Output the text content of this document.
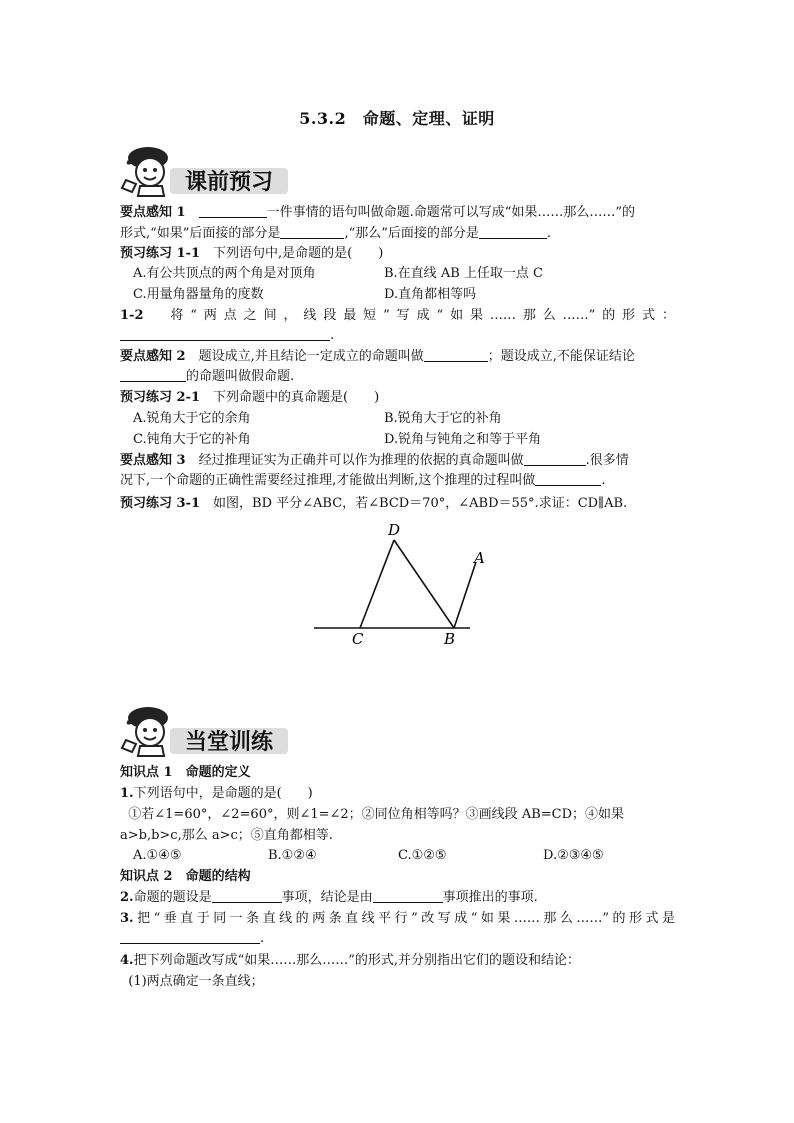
5.3.2　命题、定理、证明
课前预习
要点感知 1　	一件事情的语句叫做命题.命题常可以写成“如果……那么……”的
形式,“如果”后面接的部分是	,“那么”后面接的部分是	.
预习练习 1-1　 下列语句中,是命题的是(　　)
A.有公共顶点的两个角是对顶角	B.在直线 AB 上任取一点 C
C.用量角器量角的度数	D.直角都相等吗
1-2　 将“两点之间，线段最短”写成“如果……那么……”的形式：
.
要点感知 2　 题设成立,并且结论一定成立的命题叫做	；题设成立,不能保证结论
的命题叫做假命题.
预习练习 2-1　 下列命题中的真命题是(　　)
A.锐角大于它的余角	B.锐角大于它的补角
C.钝角大于它的补角	D.锐角与钝角之和等于平角
要点感知 3　 经过推理证实为正确并可以作为推理的依据的真命题叫做	.很多情
况下,一个命题的正确性需要经过推理,才能做出判断,这个推理的过程叫做	.
预习练习 3-1　 如图，BD 平分∠ABC，若∠BCD＝70°，∠ABD＝55°.求证：CD∥AB.
D
A
C	B
当堂训练
知识点 1　命题的定义
1.下列语句中，是命题的是(　　)
①若∠1=60°，∠2=60°，则∠1=∠2；②同位角相等吗？③画线段 AB=CD；④如果
a>b,b>c,那么 a>c；⑤直角都相等.
A.①④⑤	B.①②④	C.①②⑤	D.②③④⑤
知识点 2　命题的结构
2.命题的题设是	事项，结论是由	事项推出的事项.
3.把“垂直于同一条直线的两条直线平行”改写成“如果……那么……”的形式是
.
4.把下列命题改写成“如果……那么……”的形式,并分别指出它们的题设和结论：
(1)两点确定一条直线；
